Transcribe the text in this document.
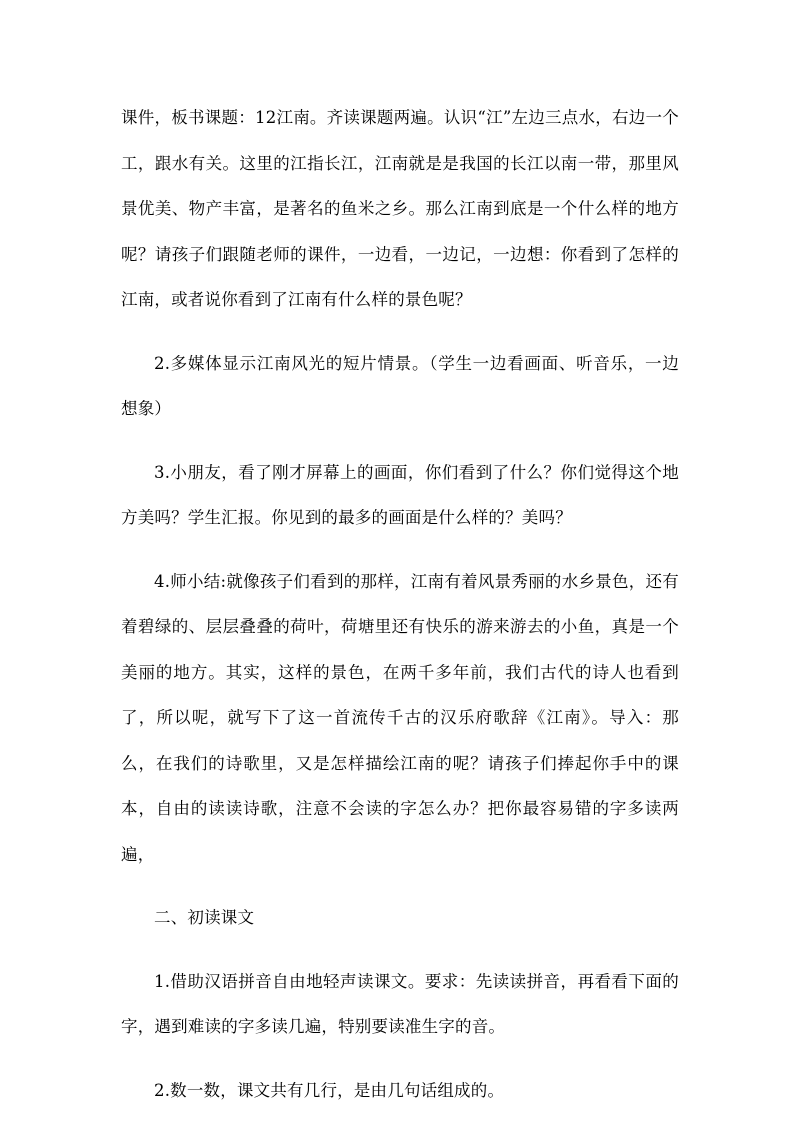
课件，板书课题：12江南。齐读课题两遍。认识“江”左边三点水，右边一个工，跟水有关。这里的江指长江，江南就是是我国的长江以南一带，那里风景优美、物产丰富，是著名的鱼米之乡。那么江南到底是一个什么样的地方呢？请孩子们跟随老师的课件，一边看，一边记，一边想：你看到了怎样的江南，或者说你看到了江南有什么样的景色呢？

2.多媒体显示江南风光的短片情景。（学生一边看画面、听音乐，一边想象）

3.小朋友，看了刚才屏幕上的画面，你们看到了什么？你们觉得这个地方美吗？学生汇报。你见到的最多的画面是什么样的？美吗？

4.师小结:就像孩子们看到的那样，江南有着风景秀丽的水乡景色，还有着碧绿的、层层叠叠的荷叶，荷塘里还有快乐的游来游去的小鱼，真是一个美丽的地方。其实，这样的景色，在两千多年前，我们古代的诗人也看到了，所以呢，就写下了这一首流传千古的汉乐府歌辞《江南》。导入：那么，在我们的诗歌里，又是怎样描绘江南的呢？请孩子们捧起你手中的课本，自由的读读诗歌，注意不会读的字怎么办？把你最容易错的字多读两遍，

二、初读课文

1.借助汉语拼音自由地轻声读课文。要求：先读读拼音，再看看下面的字，遇到难读的字多读几遍，特别要读准生字的音。

2.数一数，课文共有几行，是由几句话组成的。
